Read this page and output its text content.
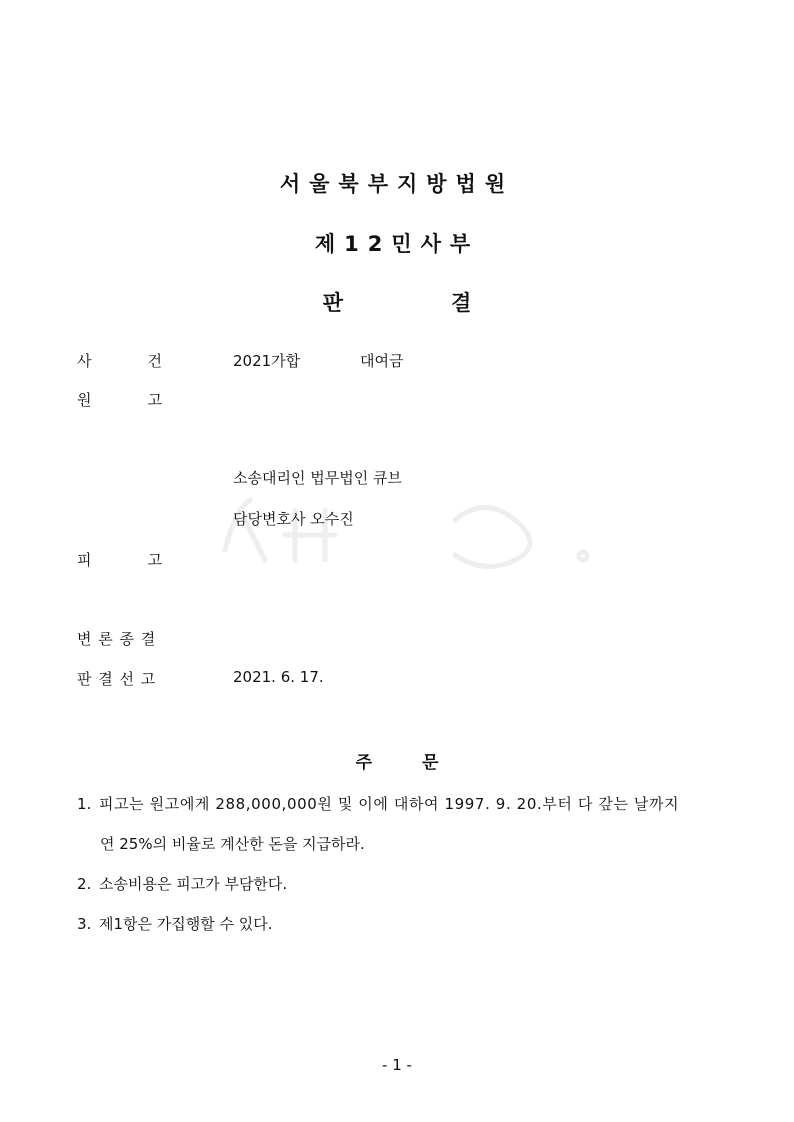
서울북부지방법원
제12민사부
판	결
사	건	2021가합	대여금
원	고
소송대리인 법무법인 큐브
담당변호사 오수진
피	고
변 론 종 결
판 결 선 고	2021. 6. 17.
주	문
1. 피고는 원고에게 288,000,000원 및 이에 대하여 1997. 9. 20.부터 다 갚는 날까지
연 25%의 비율로 계산한 돈을 지급하라.
2. 소송비용은 피고가 부담한다.
3. 제1항은 가집행할 수 있다.
- 1 -
